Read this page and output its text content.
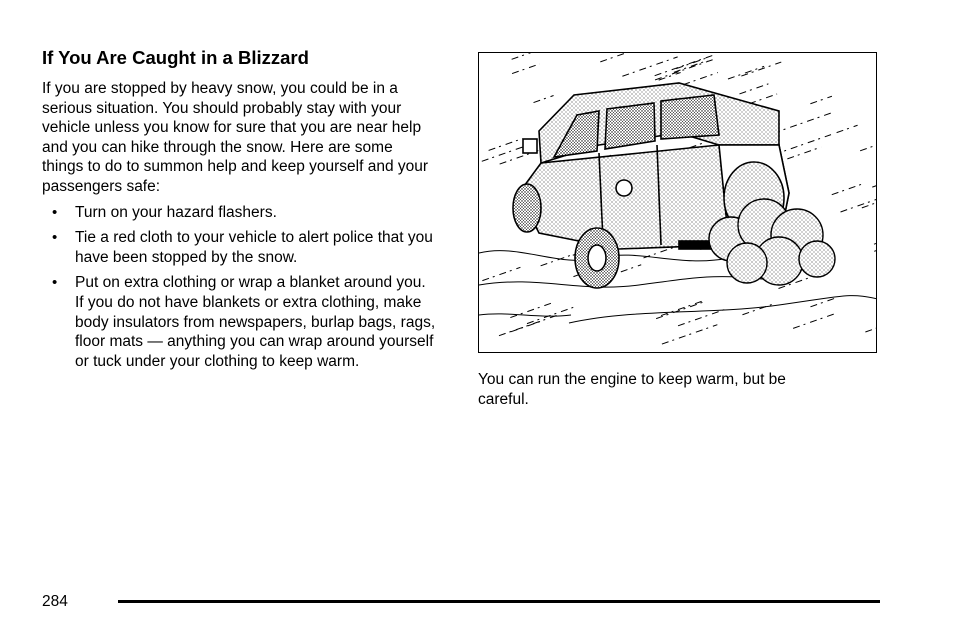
If You Are Caught in a Blizzard

If you are stopped by heavy snow, you could be in a serious situation. You should probably stay with your vehicle unless you know for sure that you are near help and you can hike through the snow. Here are some things to do to summon help and keep yourself and your passengers safe:

• Turn on your hazard flashers.
• Tie a red cloth to your vehicle to alert police that you have been stopped by the snow.
• Put on extra clothing or wrap a blanket around you. If you do not have blankets or extra clothing, make body insulators from newspapers, burlap bags, rags, floor mats — anything you can wrap around yourself or tuck under your clothing to keep warm.
You can run the engine to keep warm, but be careful.
284
